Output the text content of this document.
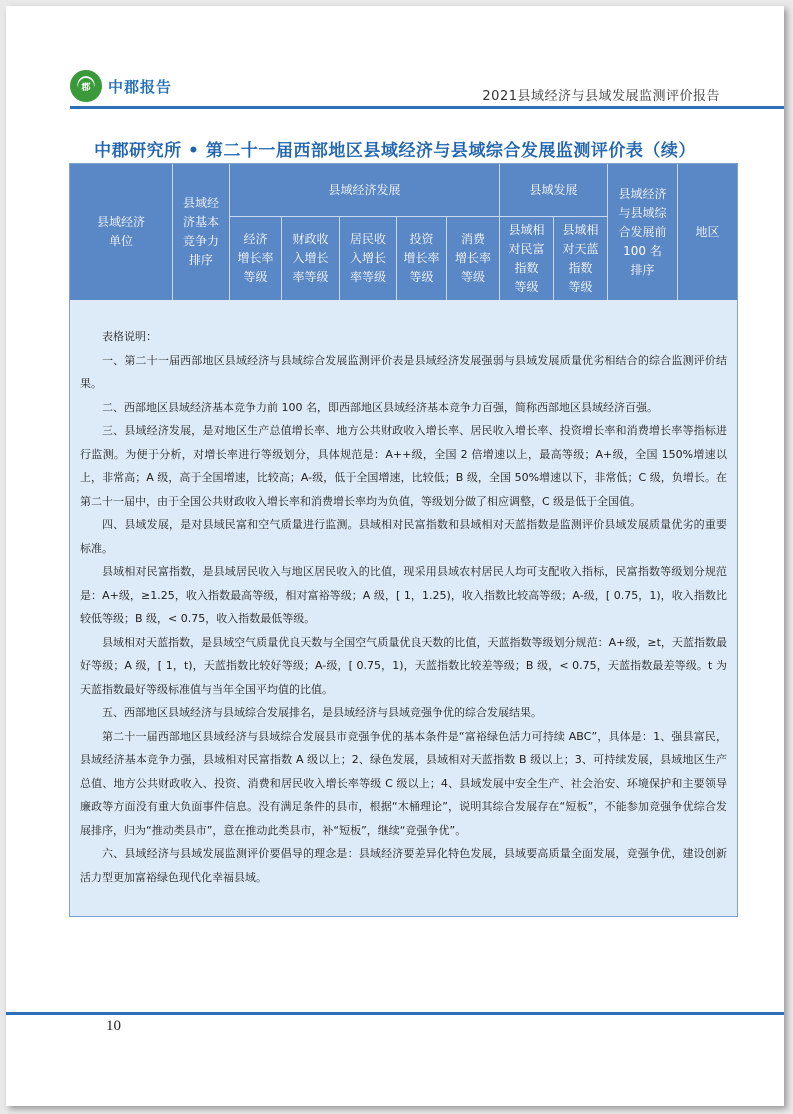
郡 中郡报告
2021县域经济与县域发展监测评价报告
中郡研究所 • 第二十一届西部地区县域经济与县域综合发展监测评价表（续）
县域经济
单位
县域经
济基本
竞争力
排序
县域经济发展
经济
增长率
等级
财政收
入增长
率等级
居民收
入增长
率等级
投资
增长率
等级
消费
增长率
等级
县域发展
县域相
对民富
指数
等级
县域相
对天蓝
指数
等级
县域经济
与县域综
合发展前
100 名
排序
地区

表格说明：

一、第二十一届西部地区县域经济与县域综合发展监测评价表是县域经济发展强弱与县域发展质量优劣相结合的综合监测评价结果。

二、西部地区县域经济基本竞争力前 100 名，即西部地区县域经济基本竞争力百强，简称西部地区县域经济百强。

三、县域经济发展，是对地区生产总值增长率、地方公共财政收入增长率、居民收入增长率、投资增长率和消费增长率等指标进行监测。为便于分析，对增长率进行等级划分，具体规范是：A++级，全国 2 倍增速以上，最高等级；A+级，全国 150%增速以上，非常高；A 级，高于全国增速，比较高；A-级，低于全国增速，比较低；B 级，全国 50%增速以下，非常低；C 级，负增长。在第二十一届中，由于全国公共财政收入增长率和消费增长率均为负值，等级划分做了相应调整，C 级是低于全国值。

四、县域发展，是对县域民富和空气质量进行监测。县域相对民富指数和县域相对天蓝指数是监测评价县域发展质量优劣的重要标准。

县域相对民富指数，是县域居民收入与地区居民收入的比值，现采用县域农村居民人均可支配收入指标，民富指数等级划分规范是：A+级，≥1.25，收入指数最高等级，相对富裕等级；A 级，[ 1，1.25)，收入指数比较高等级；A-级，[ 0.75，1)，收入指数比较低等级；B 级，< 0.75，收入指数最低等级。

县域相对天蓝指数，是县域空气质量优良天数与全国空气质量优良天数的比值，天蓝指数等级划分规范：A+级，≥t，天蓝指数最好等级；A 级，[ 1，t)，天蓝指数比较好等级；A-级，[ 0.75，1)，天蓝指数比较差等级；B 级，< 0.75，天蓝指数最差等级。t 为天蓝指数最好等级标准值与当年全国平均值的比值。

五、西部地区县域经济与县域综合发展排名，是县域经济与县域竞强争优的综合发展结果。

第二十一届西部地区县域经济与县域综合发展县市竞强争优的基本条件是“富裕绿色活力可持续 ABC”，具体是：1、强县富民，县域经济基本竞争力强，县域相对民富指数 A 级以上；2、绿色发展，县域相对天蓝指数 B 级以上；3、可持续发展，县域地区生产总值、地方公共财政收入、投资、消费和居民收入增长率等级 C 级以上；4、县域发展中安全生产、社会治安、环境保护和主要领导廉政等方面没有重大负面事件信息。没有满足条件的县市，根据“木桶理论”，说明其综合发展存在“短板”，不能参加竞强争优综合发展排序，归为“推动类县市”，意在推动此类县市，补“短板”，继续“竞强争优”。

六、县域经济与县域发展监测评价要倡导的理念是：县域经济要差异化特色发展，县域要高质量全面发展，竞强争优，建设创新活力型更加富裕绿色现代化幸福县域。

10
